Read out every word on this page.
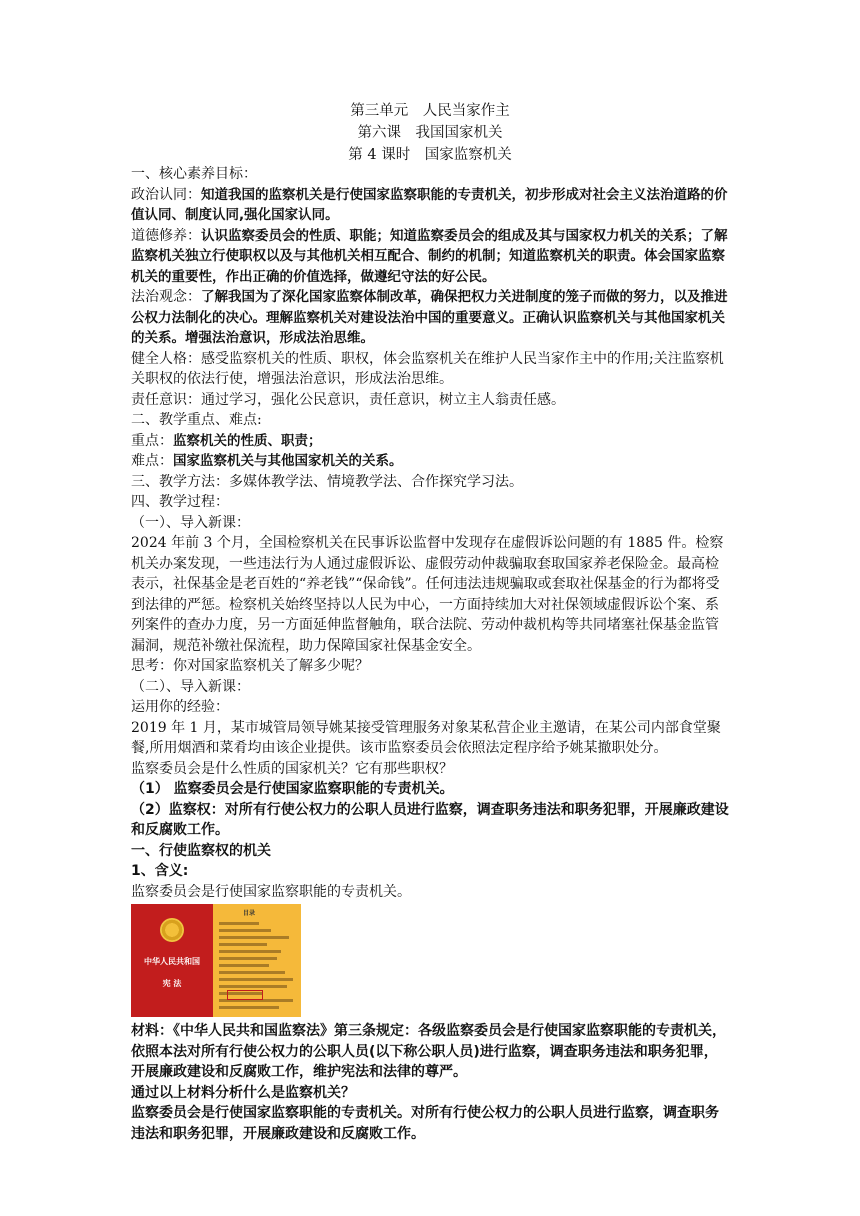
第三单元　人民当家作主
第六课　我国国家机关
第 4 课时　国家监察机关

一、核心素养目标：

政治认同：知道我国的监察机关是行使国家监察职能的专责机关，初步形成对社会主义法治道路的价值认同、制度认同,强化国家认同。

道德修养：认识监察委员会的性质、职能；知道监察委员会的组成及其与国家权力机关的关系；了解监察机关独立行使职权以及与其他机关相互配合、制约的机制；知道监察机关的职责。体会国家监察机关的重要性，作出正确的价值选择，做遵纪守法的好公民。

法治观念：了解我国为了深化国家监察体制改革，确保把权力关进制度的笼子而做的努力，以及推进公权力法制化的决心。理解监察机关对建设法治中国的重要意义。正确认识监察机关与其他国家机关的关系。增强法治意识，形成法治思维。

健全人格：感受监察机关的性质、职权，体会监察机关在维护人民当家作主中的作用;关注监察机关职权的依法行使，增强法治意识，形成法治思维。

责任意识：通过学习，强化公民意识，责任意识，树立主人翁责任感。

二、教学重点、难点:

重点：监察机关的性质、职责；

难点：国家监察机关与其他国家机关的关系。

三、教学方法：多媒体教学法、情境教学法、合作探究学习法。

四、教学过程：

（一）、导入新课：

2024 年前 3 个月，全国检察机关在民事诉讼监督中发现存在虚假诉讼问题的有 1885 件。检察机关办案发现，一些违法行为人通过虚假诉讼、虚假劳动仲裁骗取套取国家养老保险金。最高检表示，社保基金是老百姓的“养老钱”“保命钱”。任何违法违规骗取或套取社保基金的行为都将受到法律的严惩。检察机关始终坚持以人民为中心，一方面持续加大对社保领域虚假诉讼个案、系列案件的查办力度，另一方面延伸监督触角，联合法院、劳动仲裁机构等共同堵塞社保基金监管漏洞，规范补缴社保流程，助力保障国家社保基金安全。

思考：你对国家监察机关了解多少呢？

（二）、导入新课：

运用你的经验：

2019 年 1 月，某市城管局领导姚某接受管理服务对象某私营企业主邀请，在某公司内部食堂聚餐,所用烟酒和菜肴均由该企业提供。该市监察委员会依照法定程序给予姚某撤职处分。

监察委员会是什么性质的国家机关？它有那些职权？

（1） 监察委员会是行使国家监察职能的专责机关。

（2）监察权：对所有行使公权力的公职人员进行监察，调查职务违法和职务犯罪，开展廉政建设和反腐败工作。

一、行使监察权的机关

1、含义:

监察委员会是行使国家监察职能的专责机关。

中华人民共和国
宪 法
目录

材料：《中华人民共和国监察法》第三条规定：各级监察委员会是行使国家监察职能的专责机关，依照本法对所有行使公权力的公职人员(以下称公职人员)进行监察，调查职务违法和职务犯罪，开展廉政建设和反腐败工作，维护宪法和法律的尊严。

通过以上材料分析什么是监察机关？

监察委员会是行使国家监察职能的专责机关。对所有行使公权力的公职人员进行监察，调查职务违法和职务犯罪，开展廉政建设和反腐败工作。
